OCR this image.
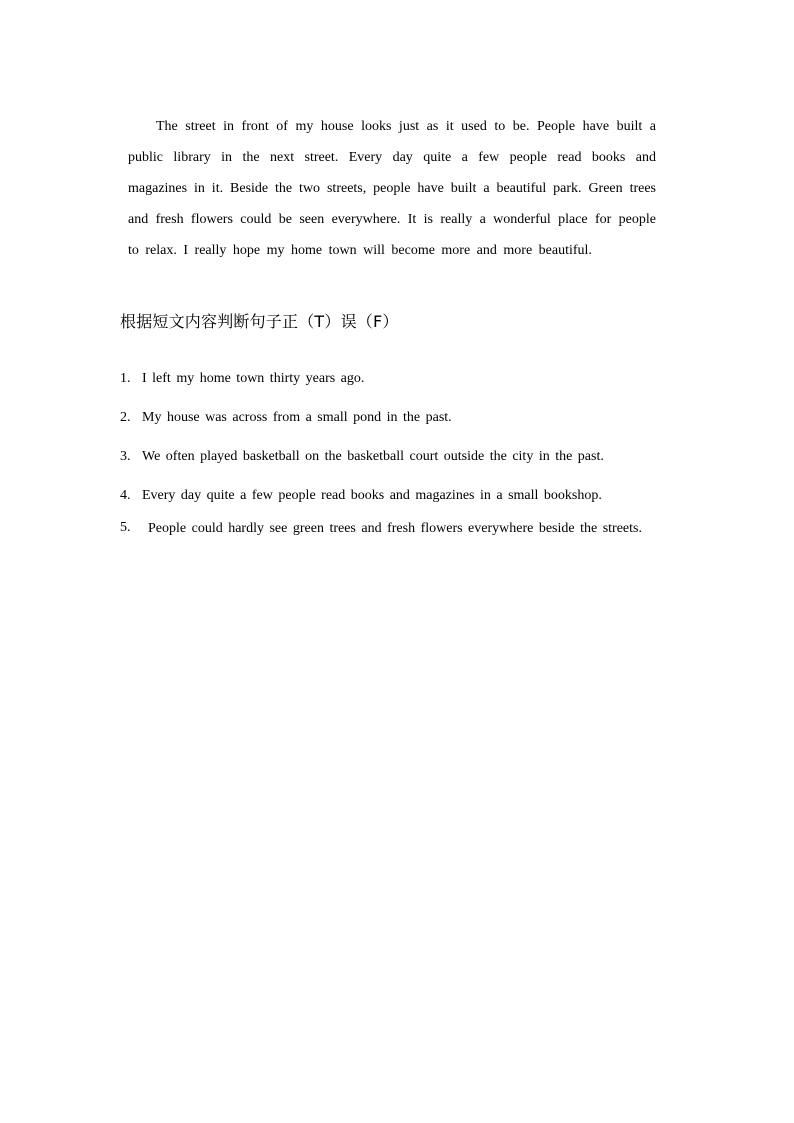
The street in front of my house looks just as it used to be. People have built a public library in the next street. Every day quite a few people read books and magazines in it. Beside the two streets, people have built a beautiful park. Green trees and fresh flowers could be seen everywhere. It is really a wonderful place for people to relax. I really hope my home town will become more and more beautiful.

根据短文内容判断句子正（T）误（F）
1. I left my home town thirty years ago.
2. My house was across from a small pond in the past.
3. We often played basketball on the basketball court outside the city in the past.
4. Every day quite a few people read books and magazines in a small bookshop.
5.	People could hardly see green trees and fresh flowers everywhere beside the streets.
